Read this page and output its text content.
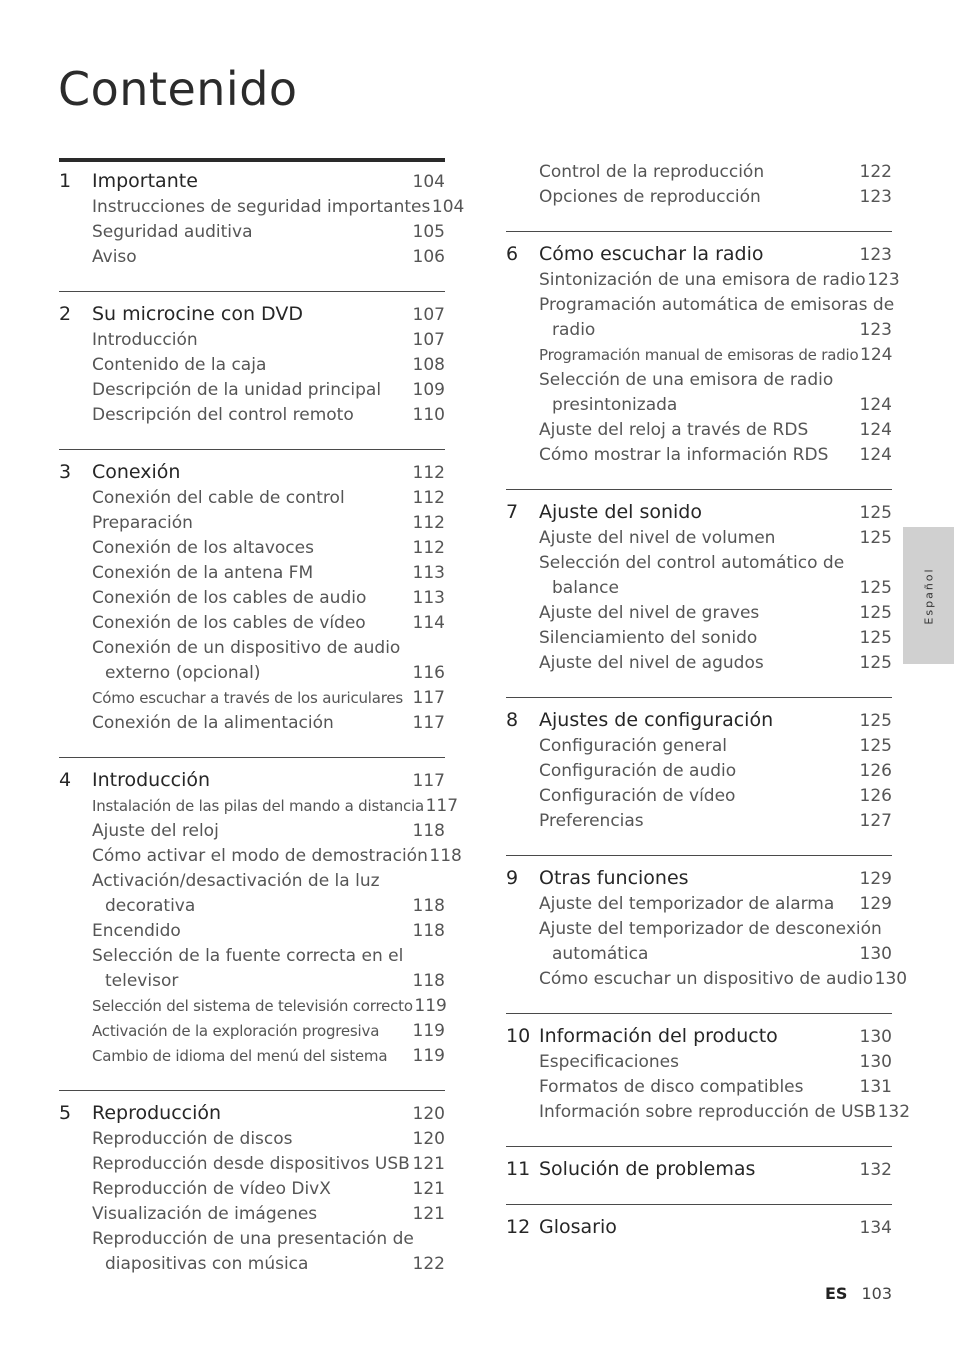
Contenido
1	Importante	104
Instrucciones de seguridad importantes 104
Seguridad auditiva	105
Aviso	106
2	Su microcine con DVD	107
Introducción	107
Contenido de la caja	108
Descripción de la unidad principal	109
Descripción del control remoto	110
3	Conexión	112
Conexión del cable de control	112
Preparación	112
Conexión de los altavoces	112
Conexión de la antena FM	113
Conexión de los cables de audio	113
Conexión de los cables de vídeo	114
Conexión de un dispositivo de audio
externo (opcional)	116
Cómo escuchar a través de los auriculares 117
Conexión de la alimentación	117
4	Introducción	117
Instalación de las pilas del mando a distancia 117
Ajuste del reloj	118
Cómo activar el modo de demostración 118
Activación/desactivación de la luz
decorativa	118
Encendido	118
Selección de la fuente correcta en el
televisor	118
Selección del sistema de televisión correcto 119
Activación de la exploración progresiva	119
Cambio de idioma del menú del sistema	119
5	Reproducción	120
Reproducción de discos	120
Reproducción desde dispositivos USB 121
Reproducción de vídeo DivX	121
Visualización de imágenes	121
Reproducción de una presentación de
diapositivas con música	122
Control de la reproducción	122
Opciones de reproducción	123
6	Cómo escuchar la radio	123
Sintonización de una emisora de radio 123
Programación automática de emisoras de
radio	123
Programación manual de emisoras de radio 124
Selección de una emisora de radio
presintonizada	124
Ajuste del reloj a través de RDS	124
Cómo mostrar la información RDS	124
7	Ajuste del sonido	125
Ajuste del nivel de volumen	125
Selección del control automático de
balance	125
Ajuste del nivel de graves	125
Silenciamiento del sonido	125
Ajuste del nivel de agudos	125
8	Ajustes de configuración	125
Configuración general	125
Configuración de audio	126
Configuración de vídeo	126
Preferencias	127
9	Otras funciones	129
Ajuste del temporizador de alarma	129
Ajuste del temporizador de desconexión
automática	130
Cómo escuchar un dispositivo de audio 130
10 Información del producto	130
Especificaciones	130
Formatos de disco compatibles	131
Información sobre reproducción de USB 132
11 Solución de problemas	132
12 Glosario	134
Español
ES 103
